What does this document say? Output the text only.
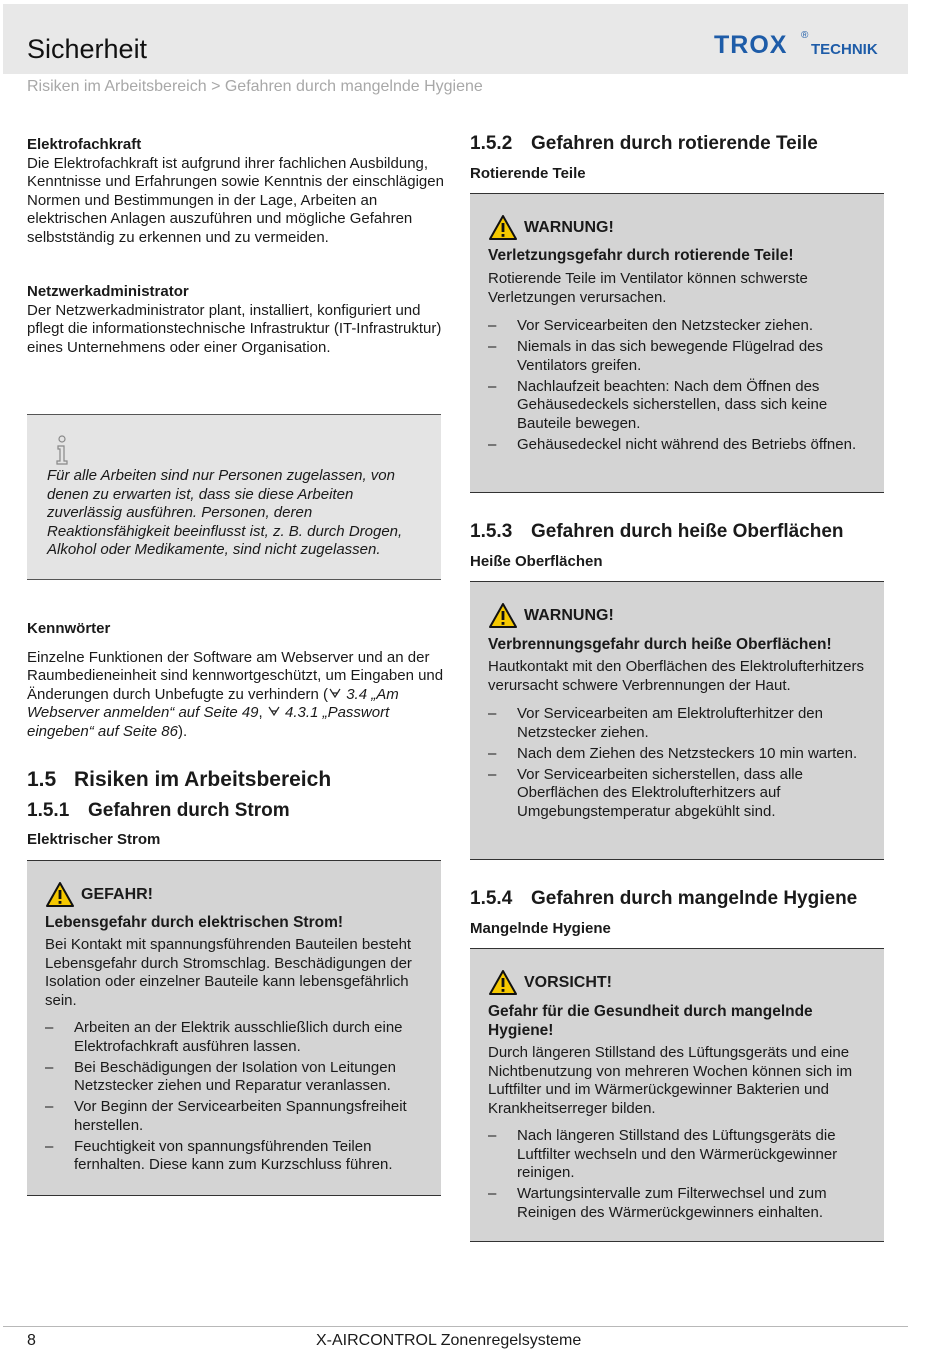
Sicherheit	TROX ®
TECHNIK
Risiken im Arbeitsbereich > Gefahren durch mangelnde Hygiene
Elektrofachkraft
Die Elektrofachkraft ist aufgrund ihrer fachlichen Ausbildung, Kenntnisse und Erfahrungen sowie Kenntnis der einschlägigen Normen und Bestimmungen in der Lage, Arbeiten an elektrischen Anlagen auszuführen und mögliche Gefahren selbstständig zu erkennen und zu vermeiden.
Netzwerkadministrator
Der Netzwerkadministrator plant, installiert, konfiguriert und pflegt die informationstechnische Infrastruktur (IT-Infrastruktur) eines Unternehmens oder einer Organisation.
Für alle Arbeiten sind nur Personen zugelassen, von denen zu erwarten ist, dass sie diese Arbeiten zuverlässig ausführen. Personen, deren Reaktionsfähigkeit beeinflusst ist, z. B. durch Drogen, Alkohol oder Medikamente, sind nicht zugelassen.
Kennwörter
Einzelne Funktionen der Software am Webserver und an der Raumbedieneinheit sind kennwortgeschützt, um Eingaben und Änderungen durch Unbefugte zu verhindern ( 3.4 „Am Webserver anmelden“ auf Seite 49, 4.3.1 „Passwort eingeben“ auf Seite 86).
1.5 Risiken im Arbeitsbereich
1.5.1 Gefahren durch Strom
Elektrischer Strom
GEFAHR!
Lebensgefahr durch elektrischen Strom!
Bei Kontakt mit spannungsführenden Bauteilen besteht Lebensgefahr durch Stromschlag. Beschädigungen der Isolation oder einzelner Bauteile kann lebensgefährlich sein.
– Arbeiten an der Elektrik ausschließlich durch eine Elektrofachkraft ausführen lassen.
– Bei Beschädigungen der Isolation von Leitungen Netzstecker ziehen und Reparatur veranlassen.
– Vor Beginn der Servicearbeiten Spannungsfreiheit herstellen.
– Feuchtigkeit von spannungsführenden Teilen fernhalten. Diese kann zum Kurzschluss führen.
1.5.2 Gefahren durch rotierende Teile
Rotierende Teile
WARNUNG!
Verletzungsgefahr durch rotierende Teile!
Rotierende Teile im Ventilator können schwerste Verletzungen verursachen.
– Vor Servicearbeiten den Netzstecker ziehen.
– Niemals in das sich bewegende Flügelrad des Ventilators greifen.
– Nachlaufzeit beachten: Nach dem Öffnen des Gehäusedeckels sicherstellen, dass sich keine Bauteile bewegen.
– Gehäusedeckel nicht während des Betriebs öffnen.
1.5.3 Gefahren durch heiße Oberflächen
Heiße Oberflächen
WARNUNG!
Verbrennungsgefahr durch heiße Oberflächen!
Hautkontakt mit den Oberflächen des Elektrolufterhitzers verursacht schwere Verbrennungen der Haut.
– Vor Servicearbeiten am Elektrolufterhitzer den Netzstecker ziehen.
– Nach dem Ziehen des Netzsteckers 10 min warten.
– Vor Servicearbeiten sicherstellen, dass alle Oberflächen des Elektrolufterhitzers auf Umgebungstemperatur abgekühlt sind.
1.5.4 Gefahren durch mangelnde Hygiene
Mangelnde Hygiene
VORSICHT!
Gefahr für die Gesundheit durch mangelnde Hygiene!
Durch längeren Stillstand des Lüftungsgeräts und eine Nichtbenutzung von mehreren Wochen können sich im Luftfilter und im Wärmerückgewinner Bakterien und Krankheitserreger bilden.
– Nach längeren Stillstand des Lüftungsgeräts die Luftfilter wechseln und den Wärmerückgewinner reinigen.
– Wartungsintervalle zum Filterwechsel und zum Reinigen des Wärmerückgewinners einhalten.
8	X-AIRCONTROL Zonenregelsysteme
